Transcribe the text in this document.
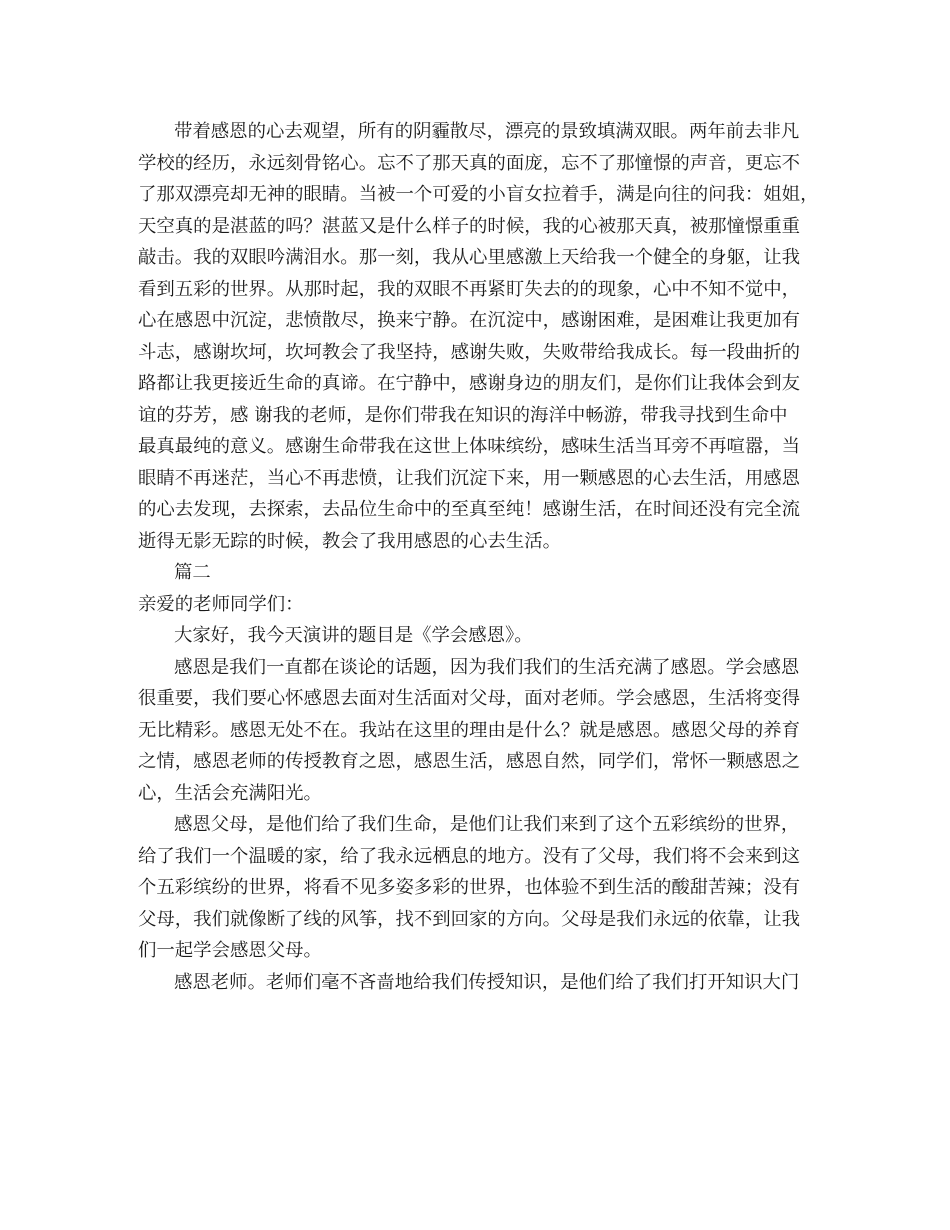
带着感恩的心去观望，所有的阴霾散尽，漂亮的景致填满双眼。两年前去非凡
学校的经历，永远刻骨铭心。忘不了那天真的面庞，忘不了那憧憬的声音，更忘不
了那双漂亮却无神的眼睛。当被一个可爱的小盲女拉着手，满是向往的问我：姐姐，
天空真的是湛蓝的吗？湛蓝又是什么样子的时候，我的心被那天真，被那憧憬重重
敲击。我的双眼吟满泪水。那一刻，我从心里感激上天给我一个健全的身躯，让我
看到五彩的世界。从那时起，我的双眼不再紧盯失去的的现象，心中不知不觉中，
心在感恩中沉淀，悲愤散尽，换来宁静。在沉淀中，感谢困难，是困难让我更加有
斗志，感谢坎坷，坎坷教会了我坚持，感谢失败，失败带给我成长。每一段曲折的
路都让我更接近生命的真谛。在宁静中，感谢身边的朋友们，是你们让我体会到友
谊的芬芳，感 谢我的老师，是你们带我在知识的海洋中畅游，带我寻找到生命中
最真最纯的意义。感谢生命带我在这世上体味缤纷，感味生活当耳旁不再喧嚣，当
眼睛不再迷茫，当心不再悲愤，让我们沉淀下来，用一颗感恩的心去生活，用感恩
的心去发现，去探索，去品位生命中的至真至纯！感谢生活，在时间还没有完全流
逝得无影无踪的时候，教会了我用感恩的心去生活。
篇二
亲爱的老师同学们：
大家好，我今天演讲的题目是《学会感恩》。
感恩是我们一直都在谈论的话题，因为我们我们的生活充满了感恩。学会感恩
很重要，我们要心怀感恩去面对生活面对父母，面对老师。学会感恩，生活将变得
无比精彩。感恩无处不在。我站在这里的理由是什么？就是感恩。感恩父母的养育
之情，感恩老师的传授教育之恩，感恩生活，感恩自然，同学们，常怀一颗感恩之
心，生活会充满阳光。
感恩父母，是他们给了我们生命，是他们让我们来到了这个五彩缤纷的世界，
给了我们一个温暖的家，给了我永远栖息的地方。没有了父母，我们将不会来到这
个五彩缤纷的世界，将看不见多姿多彩的世界，也体验不到生活的酸甜苦辣；没有
父母，我们就像断了线的风筝，找不到回家的方向。父母是我们永远的依靠，让我
们一起学会感恩父母。
感恩老师。老师们毫不吝啬地给我们传授知识，是他们给了我们打开知识大门
